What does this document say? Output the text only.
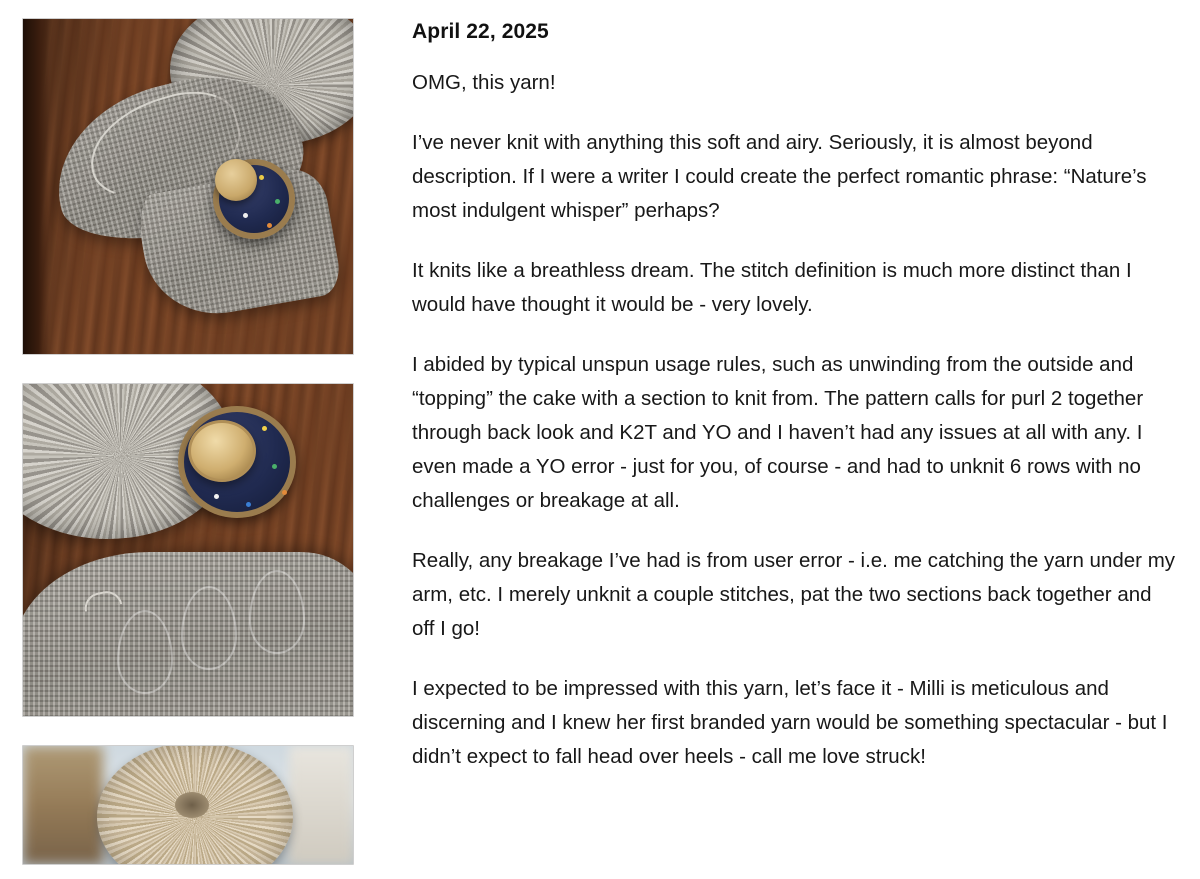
April 22, 2025

OMG, this yarn!

I’ve never knit with anything this soft and airy. Seriously, it is almost beyond description. If I were a writer I could create the perfect romantic phrase: “Nature’s most indulgent whisper” perhaps?

It knits like a breathless dream. The stitch definition is much more distinct than I would have thought it would be - very lovely.

I abided by typical unspun usage rules, such as unwinding from the outside and “topping” the cake with a section to knit from. The pattern calls for purl 2 together through back look and K2T and YO and I haven’t had any issues at all with any. I even made a YO error - just for you, of course - and had to unknit 6 rows with no challenges or breakage at all.

Really, any breakage I’ve had is from user error - i.e. me catching the yarn under my arm, etc. I merely unknit a couple stitches, pat the two sections back together and off I go!

I expected to be impressed with this yarn, let’s face it - Milli is meticulous and discerning and I knew her first branded yarn would be something spectacular - but I didn’t expect to fall head over heels - call me love struck!
